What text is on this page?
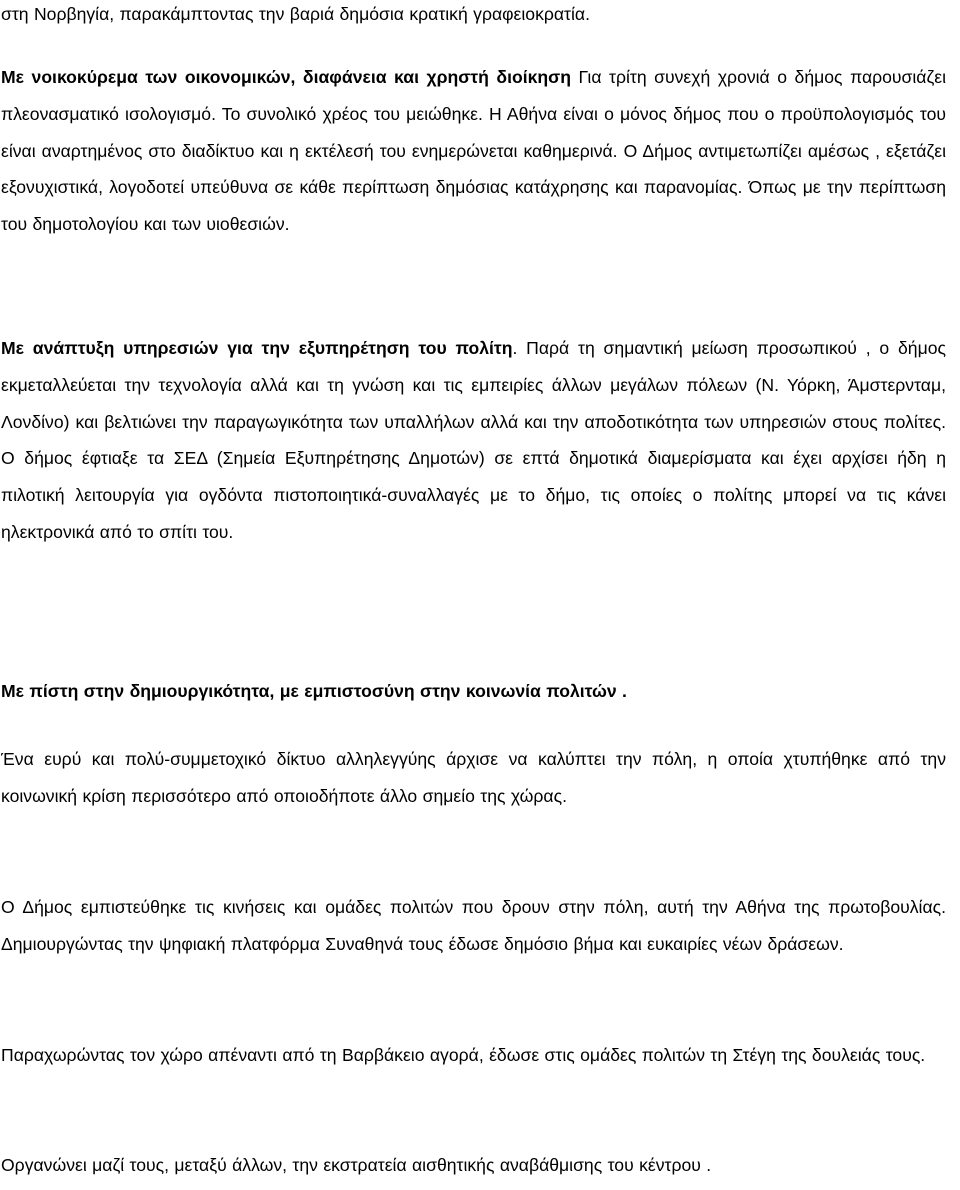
στη Νορβηγία, παρακάμπτοντας την βαριά δημόσια κρατική γραφειοκρατία.

Με νοικοκύρεμα των οικονομικών, διαφάνεια και χρηστή διοίκηση Για τρίτη συνεχή χρονιά ο δήμος παρουσιάζει πλεονασματικό ισολογισμό. Το συνολικό χρέος του μειώθηκε. Η Αθήνα είναι ο μόνος δήμος που ο προϋπολογισμός του είναι αναρτημένος στο διαδίκτυο και η εκτέλεσή του ενημερώνεται καθημερινά. Ο Δήμος αντιμετωπίζει αμέσως , εξετάζει εξονυχιστικά, λογοδοτεί υπεύθυνα σε κάθε περίπτωση δημόσιας κατάχρησης και παρανομίας. Όπως με την περίπτωση του δημοτολογίου και των υιοθεσιών.

Με ανάπτυξη υπηρεσιών για την εξυπηρέτηση του πολίτη. Παρά τη σημαντική μείωση προσωπικού , ο δήμος εκμεταλλεύεται την τεχνολογία αλλά και τη γνώση και τις εμπειρίες άλλων μεγάλων πόλεων (Ν. Υόρκη, Άμστερνταμ, Λονδίνο) και βελτιώνει την παραγωγικότητα των υπαλλήλων αλλά και την αποδοτικότητα των υπηρεσιών στους πολίτες. Ο δήμος έφτιαξε τα ΣΕΔ (Σημεία Εξυπηρέτησης Δημοτών) σε επτά δημοτικά διαμερίσματα και έχει αρχίσει ήδη η πιλοτική λειτουργία για ογδόντα πιστοποιητικά-συναλλαγές με το δήμο, τις οποίες ο πολίτης μπορεί να τις κάνει ηλεκτρονικά από το σπίτι του.

Με πίστη στην δημιουργικότητα, με εμπιστοσύνη στην κοινωνία πολιτών .

Ένα ευρύ και πολύ-συμμετοχικό δίκτυο αλληλεγγύης άρχισε να καλύπτει την πόλη, η οποία χτυπήθηκε από την κοινωνική κρίση περισσότερο από οποιοδήποτε άλλο σημείο της χώρας.

Ο Δήμος εμπιστεύθηκε τις κινήσεις και ομάδες πολιτών που δρουν στην πόλη, αυτή την Αθήνα της πρωτοβουλίας. Δημιουργώντας την ψηφιακή πλατφόρμα Συναθηνά τους έδωσε δημόσιο βήμα και ευκαιρίες νέων δράσεων.

Παραχωρώντας τον χώρο απέναντι από τη Βαρβάκειο αγορά, έδωσε στις ομάδες πολιτών τη Στέγη της δουλειάς τους.

Οργανώνει μαζί τους, μεταξύ άλλων, την εκστρατεία αισθητικής αναβάθμισης του κέντρου .
